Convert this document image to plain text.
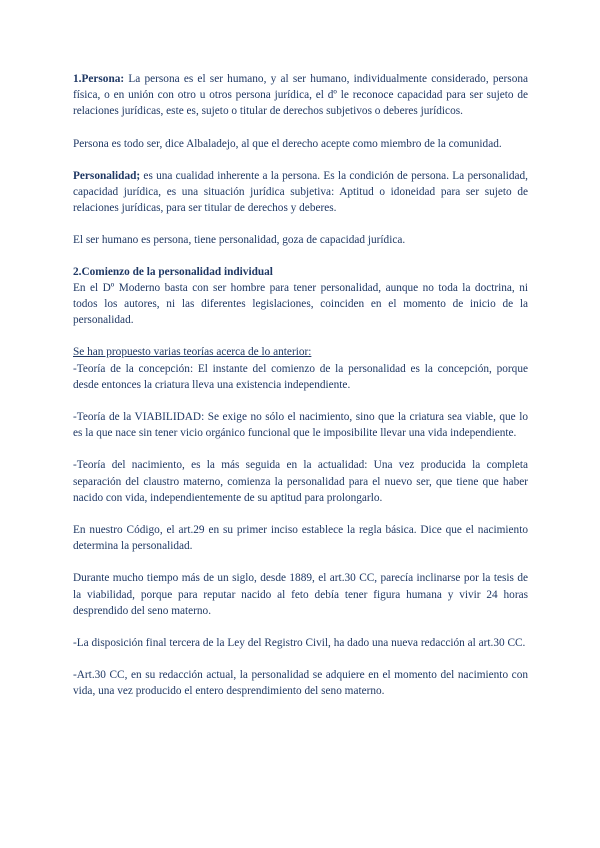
1.Persona: La persona es el ser humano, y al ser humano, individualmente considerado, persona física, o en unión con otro u otros persona jurídica, el dº le reconoce capacidad para ser sujeto de relaciones jurídicas, este es, sujeto o titular de derechos subjetivos o deberes jurídicos.

Persona es todo ser, dice Albaladejo, al que el derecho acepte como miembro de la comunidad.

Personalidad; es una cualidad inherente a la persona. Es la condición de persona. La personalidad, capacidad jurídica, es una situación jurídica subjetiva: Aptitud o idoneidad para ser sujeto de relaciones jurídicas, para ser titular de derechos y deberes.

El ser humano es persona, tiene personalidad, goza de capacidad jurídica.

2.Comienzo de la personalidad individual

En el Dº Moderno basta con ser hombre para tener personalidad, aunque no toda la doctrina, ni todos los autores, ni las diferentes legislaciones, coinciden en el momento de inicio de la personalidad.

Se han propuesto varias teorías acerca de lo anterior:

-Teoría de la concepción: El instante del comienzo de la personalidad es la concepción, porque desde entonces la criatura lleva una existencia independiente.

-Teoría de la VIABILIDAD: Se exige no sólo el nacimiento, sino que la criatura sea viable, que lo es la que nace sin tener vicio orgánico funcional que le imposibilite llevar una vida independiente.

-Teoría del nacimiento, es la más seguida en la actualidad: Una vez producida la completa separación del claustro materno, comienza la personalidad para el nuevo ser, que tiene que haber nacido con vida, independientemente de su aptitud para prolongarlo.

En nuestro Código, el art.29 en su primer inciso establece la regla básica. Dice que el nacimiento determina la personalidad.

Durante mucho tiempo más de un siglo, desde 1889, el art.30 CC, parecía inclinarse por la tesis de la viabilidad, porque para reputar nacido al feto debía tener figura humana y vivir 24 horas desprendido del seno materno.

-La disposición final tercera de la Ley del Registro Civil, ha dado una nueva redacción al art.30 CC.

-Art.30 CC, en su redacción actual, la personalidad se adquiere en el momento del nacimiento con vida, una vez producido el entero desprendimiento del seno materno.
